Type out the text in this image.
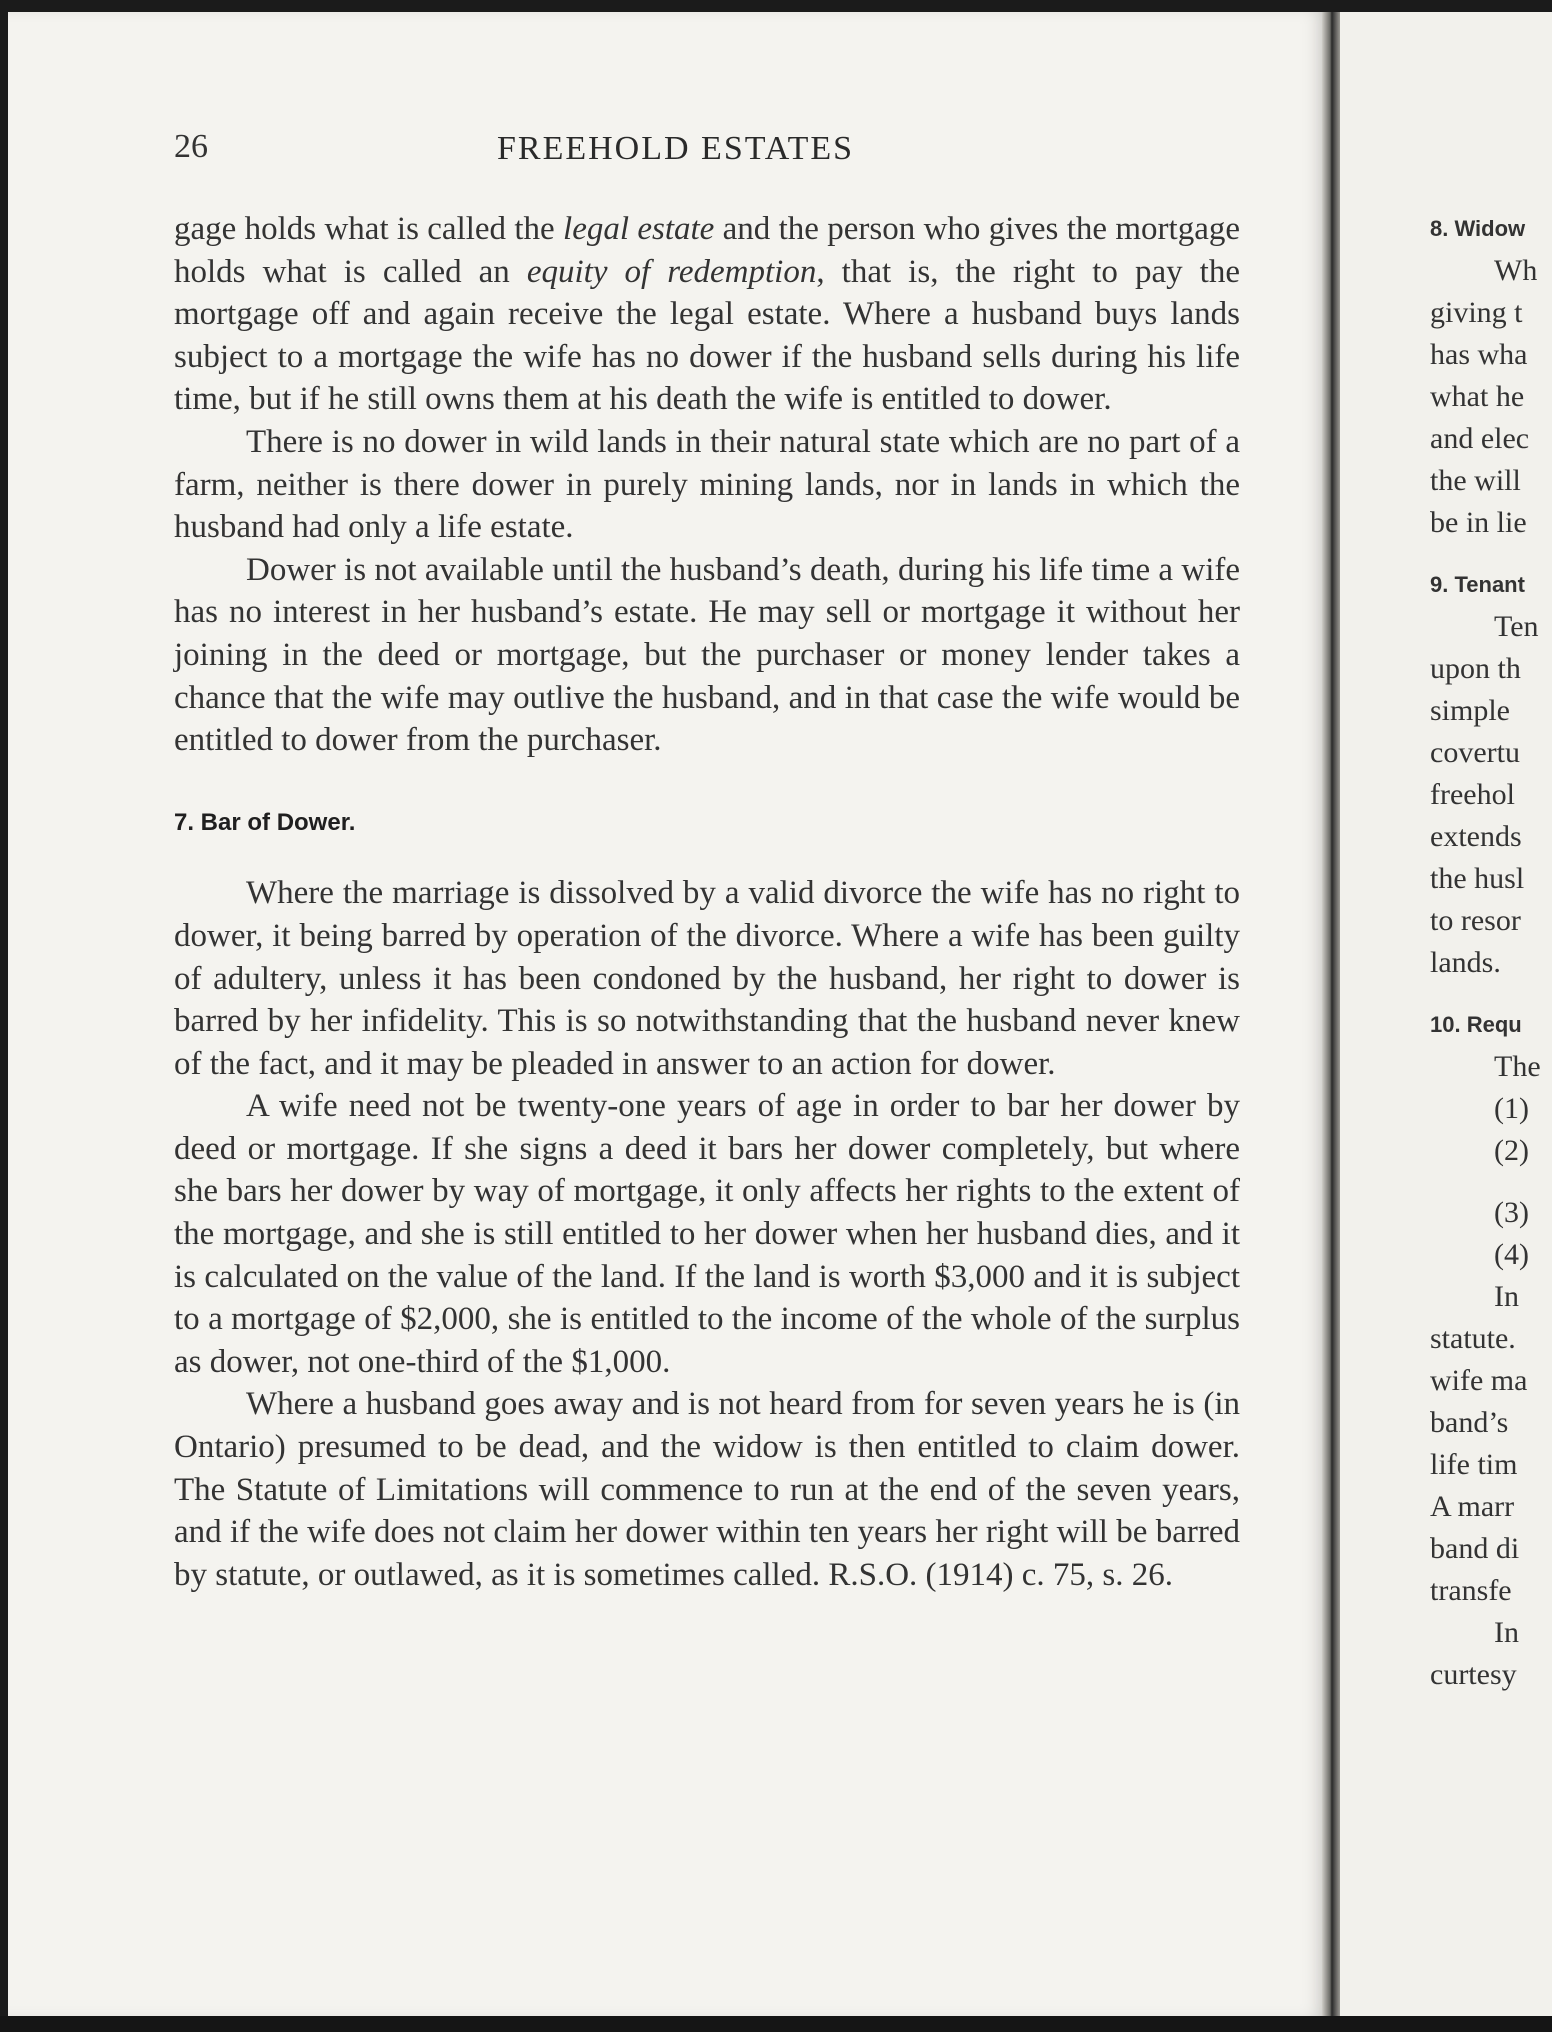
26	FREEHOLD ESTATES

gage holds what is called the legal estate and the person who gives the mortgage holds what is called an equity of redemption, that is, the right to pay the mortgage off and again receive the legal estate. Where a husband buys lands subject to a mortgage the wife has no dower if the husband sells during his life time, but if he still owns them at his death the wife is entitled to dower.

There is no dower in wild lands in their natural state which are no part of a farm, neither is there dower in purely mining lands, nor in lands in which the husband had only a life estate.

Dower is not available until the husband’s death, during his life time a wife has no interest in her husband’s estate. He may sell or mortgage it without her joining in the deed or mortgage, but the purchaser or money lender takes a chance that the wife may outlive the husband, and in that case the wife would be entitled to dower from the purchaser.

7. Bar of Dower.

Where the marriage is dissolved by a valid divorce the wife has no right to dower, it being barred by operation of the divorce. Where a wife has been guilty of adultery, unless it has been condoned by the husband, her right to dower is barred by her infidelity. This is so notwithstanding that the husband never knew of the fact, and it may be pleaded in answer to an action for dower.

A wife need not be twenty-one years of age in order to bar her dower by deed or mortgage. If she signs a deed it bars her dower completely, but where she bars her dower by way of mortgage, it only affects her rights to the extent of the mortgage, and she is still entitled to her dower when her husband dies, and it is calculated on the value of the land. If the land is worth $3,000 and it is subject to a mortgage of $2,000, she is entitled to the income of the whole of the surplus as dower, not one-third of the $1,000.

Where a husband goes away and is not heard from for seven years he is (in Ontario) presumed to be dead, and the widow is then entitled to claim dower. The Statute of Limitations will commence to run at the end of the seven years, and if the wife does not claim her dower within ten years her right will be barred by statute, or outlawed, as it is sometimes called. R.S.O. (1914) c. 75, s. 26.

8. Widow
Wh
giving t
has wha
what he
and elec
the will
be in lie
9. Tenant
Ten
upon th
simple
covertu
freehol
extends
the husl
to resor
lands.
10. Requ
The
(1)
(2)
(3)
(4)
In
statute.
wife ma
band’s
life tim
A marr
band di
transfe
In
curtesy
